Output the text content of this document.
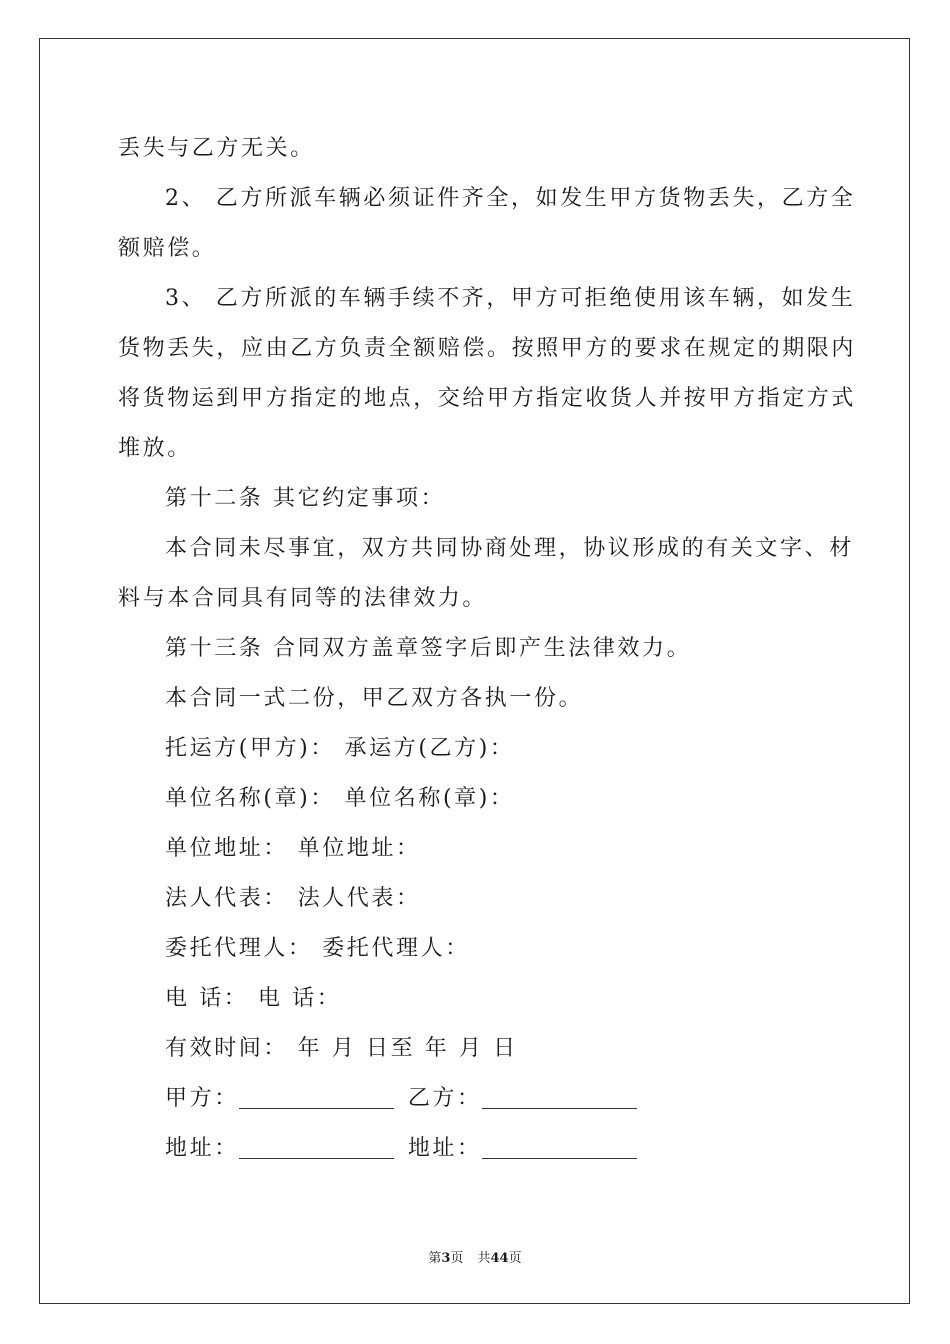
丢失与乙方无关。
2、 乙方所派车辆必须证件齐全，如发生甲方货物丢失，乙方全
额赔偿。
3、 乙方所派的车辆手续不齐，甲方可拒绝使用该车辆，如发生
货物丢失，应由乙方负责全额赔偿。按照甲方的要求在规定的期限内
将货物运到甲方指定的地点，交给甲方指定收货人并按甲方指定方式
堆放。
第十二条 其它约定事项：
本合同未尽事宜，双方共同协商处理，协议形成的有关文字、材
料与本合同具有同等的法律效力。
第十三条 合同双方盖章签字后即产生法律效力。
本合同一式二份，甲乙双方各执一份。
托运方(甲方)： 承运方(乙方)：
单位名称(章)： 单位名称(章)：
单位地址： 单位地址：
法人代表： 法人代表：
委托代理人： 委托代理人：
电 话： 电 话：
有效时间： 年 月 日至 年 月 日
甲方：	乙方：
地址：	地址：
第3页 共44页
